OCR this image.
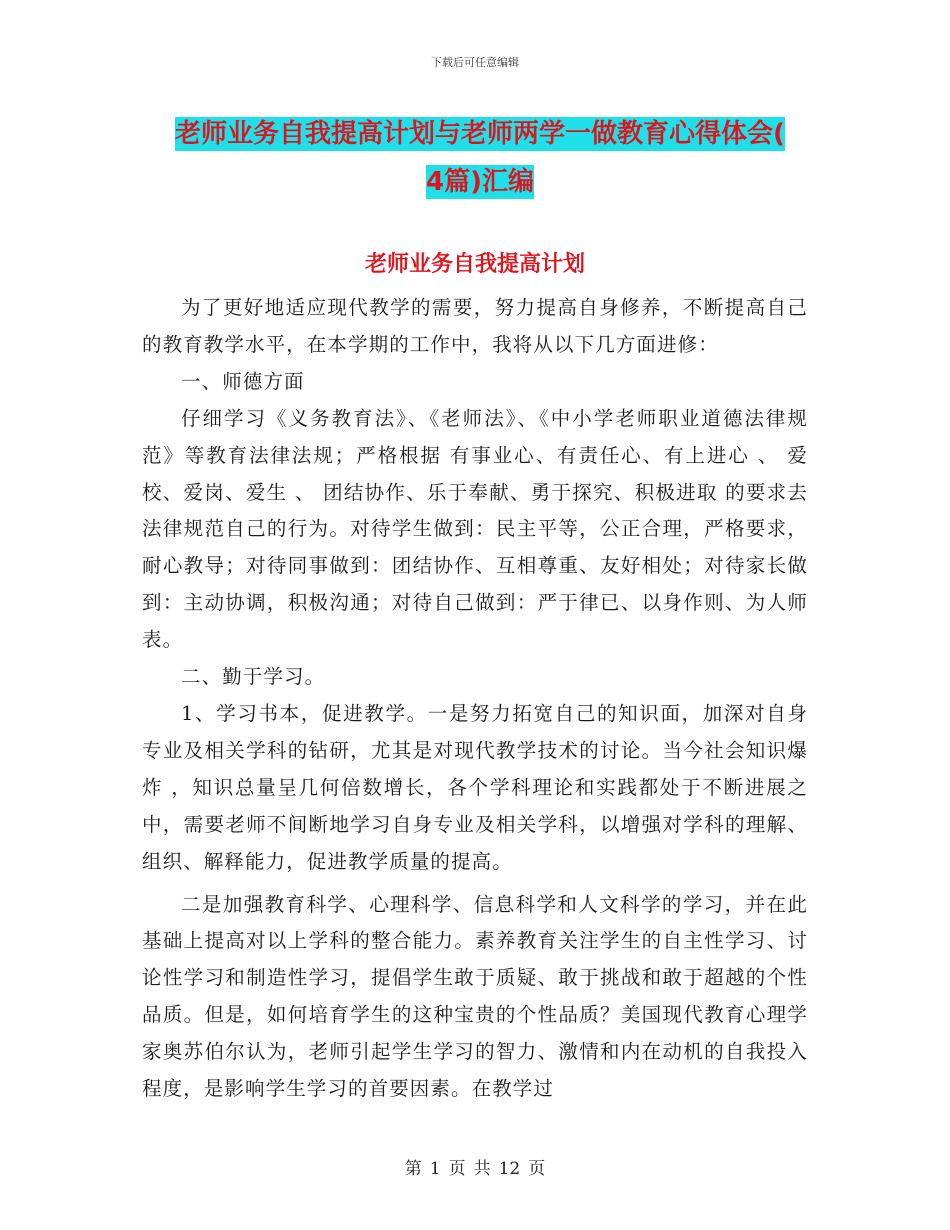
下载后可任意编辑
老师业务自我提高计划与老师两学一做教育心得体会(
4篇)汇编
老师业务自我提高计划

为了更好地适应现代教学的需要，努力提高自身修养，不断提高自己的教育教学水平，在本学期的工作中，我将从以下几方面进修：

一、师德方面

仔细学习《义务教育法》、《老师法》、《中小学老师职业道德法律规范》等教育法律法规；严格根据 有事业心、有责任心、有上进心 、 爱校、爱岗、爱生 、 团结协作、乐于奉献、勇于探究、积极进取 的要求去法律规范自己的行为。对待学生做到：民主平等，公正合理，严格要求，耐心教导；对待同事做到：团结协作、互相尊重、友好相处；对待家长做到：主动协调，积极沟通；对待自己做到：严于律已、以身作则、为人师表。

二、勤于学习。

1、学习书本，促进教学。一是努力拓宽自己的知识面，加深对自身专业及相关学科的钻研，尤其是对现代教学技术的讨论。当今社会知识爆炸 ，知识总量呈几何倍数增长，各个学科理论和实践都处于不断进展之中，需要老师不间断地学习自身专业及相关学科，以增强对学科的理解、组织、解释能力，促进教学质量的提高。

二是加强教育科学、心理科学、信息科学和人文科学的学习，并在此基础上提高对以上学科的整合能力。素养教育关注学生的自主性学习、讨论性学习和制造性学习，提倡学生敢于质疑、敢于挑战和敢于超越的个性品质。但是，如何培育学生的这种宝贵的个性品质？美国现代教育心理学家奥苏伯尔认为，老师引起学生学习的智力、激情和内在动机的自我投入程度，是影响学生学习的首要因素。在教学过

第 1 页 共 12 页
